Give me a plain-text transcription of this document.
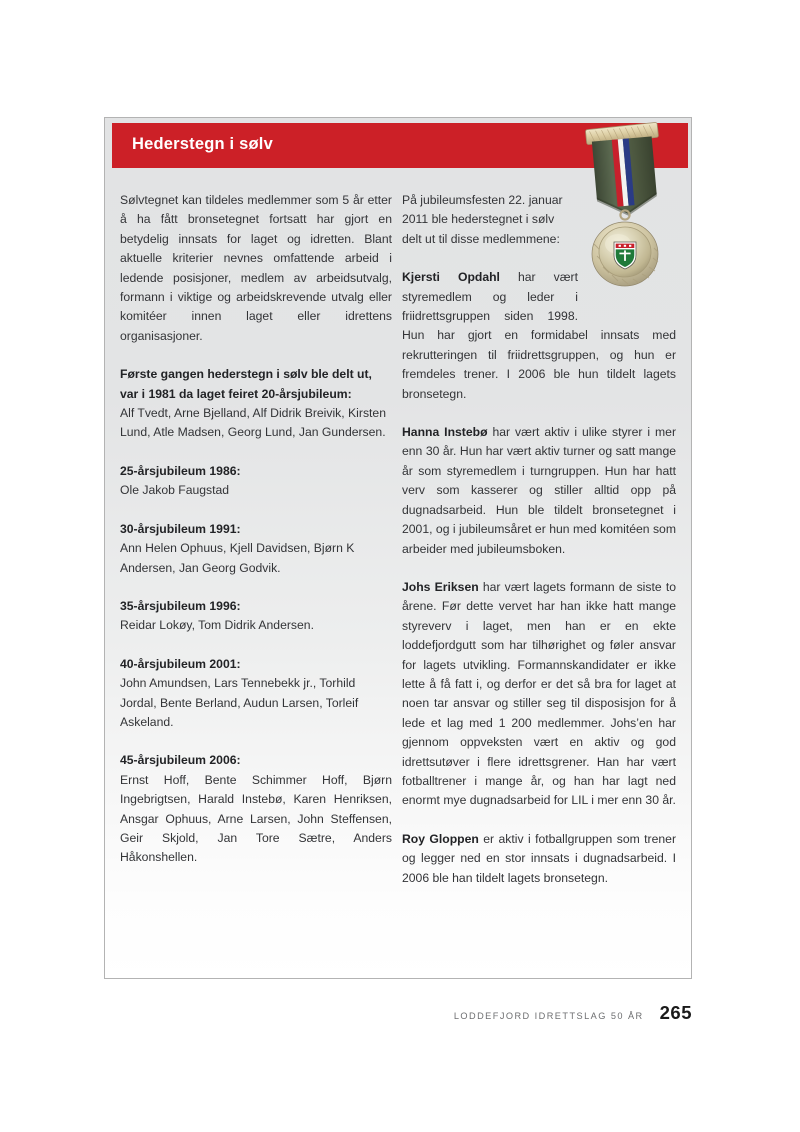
Hederstegn i sølv

Sølvtegnet kan tildeles medlemmer som 5 år etter å ha fått bronsetegnet fortsatt har gjort en betydelig innsats for laget og idretten. Blant aktuelle kriterier nevnes omfattende arbeid i ledende posisjoner, medlem av arbeidsutvalg, formann i viktige og arbeidskrevende utvalg eller komitéer innen laget eller idrettens organisasjoner.

Første gangen hederstegn i sølv ble delt ut, var i 1981 da laget feiret 20-årsjubileum:
Alf Tvedt, Arne Bjelland, Alf Didrik Breivik, Kirsten Lund, Atle Madsen, Georg Lund, Jan Gundersen.

25-årsjubileum 1986:
Ole Jakob Faugstad

30-årsjubileum 1991:
Ann Helen Ophuus, Kjell Davidsen, Bjørn K Andersen, Jan Georg Godvik.

35-årsjubileum 1996:
Reidar Lokøy, Tom Didrik Andersen.

40-årsjubileum 2001:
John Amundsen, Lars Tennebekk jr., Torhild Jordal, Bente Berland, Audun Larsen, Torleif Askeland.

45-årsjubileum 2006:
Ernst Hoff, Bente Schimmer Hoff, Bjørn Ingebrigtsen, Harald Instebø, Karen Henriksen, Ansgar Ophuus, Arne Larsen, John Steffensen, Geir Skjold, Jan Tore Sætre, Anders Håkonshellen.

På jubileumsfesten 22. januar 2011 ble hederstegnet i sølv delt ut til disse medlemmene:

Kjersti Opdahl har vært styremedlem og leder i friidrettsgruppen siden 1998. Hun har gjort en formidabel innsats med rekrutteringen til friidrettsgruppen, og hun er fremdeles trener. I 2006 ble hun tildelt lagets bronsetegn.

Hanna Instebø har vært aktiv i ulike styrer i mer enn 30 år. Hun har vært aktiv turner og satt mange år som styremedlem i turngruppen. Hun har hatt verv som kasserer og stiller alltid opp på dugnadsarbeid. Hun ble tildelt bronsetegnet i 2001, og i jubileumsåret er hun med komitéen som arbeider med jubileumsboken.

Johs Eriksen har vært lagets formann de siste to årene. Før dette vervet har han ikke hatt mange styreverv i laget, men han er en ekte loddefjordgutt som har tilhørighet og føler ansvar for lagets utvikling. Formannskandidater er ikke lette å få fatt i, og derfor er det så bra for laget at noen tar ansvar og stiller seg til disposisjon for å lede et lag med 1 200 medlemmer. Johs’en har gjennom oppveksten vært en aktiv og god idrettsutøver i flere idrettsgrener. Han har vært fotballtrener i mange år, og han har lagt ned enormt mye dugnadsarbeid for LIL i mer enn 30 år.

Roy Gloppen er aktiv i fotballgruppen som trener og legger ned en stor innsats i dugnadsarbeid. I 2006 ble han tildelt lagets bronsetegn.

LODDEFJORD IDRETTSLAG 50 ÅR 265
